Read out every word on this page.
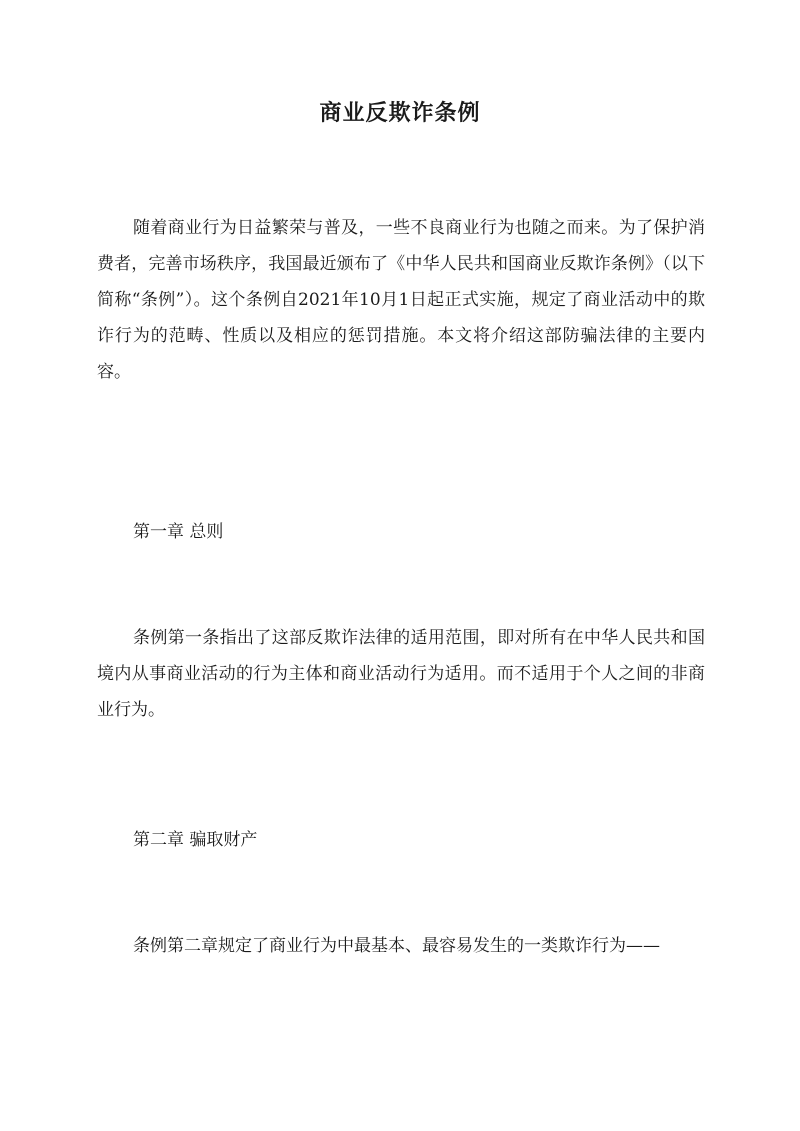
商业反欺诈条例

随着商业行为日益繁荣与普及，一些不良商业行为也随之而来。为了保护消费者，完善市场秩序，我国最近颁布了《中华人民共和国商业反欺诈条例》（以下简称“条例”）。这个条例自2021年10月1日起正式实施，规定了商业活动中的欺诈行为的范畴、性质以及相应的惩罚措施。本文将介绍这部防骗法律的主要内容。

第一章 总则

条例第一条指出了这部反欺诈法律的适用范围，即对所有在中华人民共和国境内从事商业活动的行为主体和商业活动行为适用。而不适用于个人之间的非商业行为。

第二章 骗取财产

条例第二章规定了商业行为中最基本、最容易发生的一类欺诈行为——
